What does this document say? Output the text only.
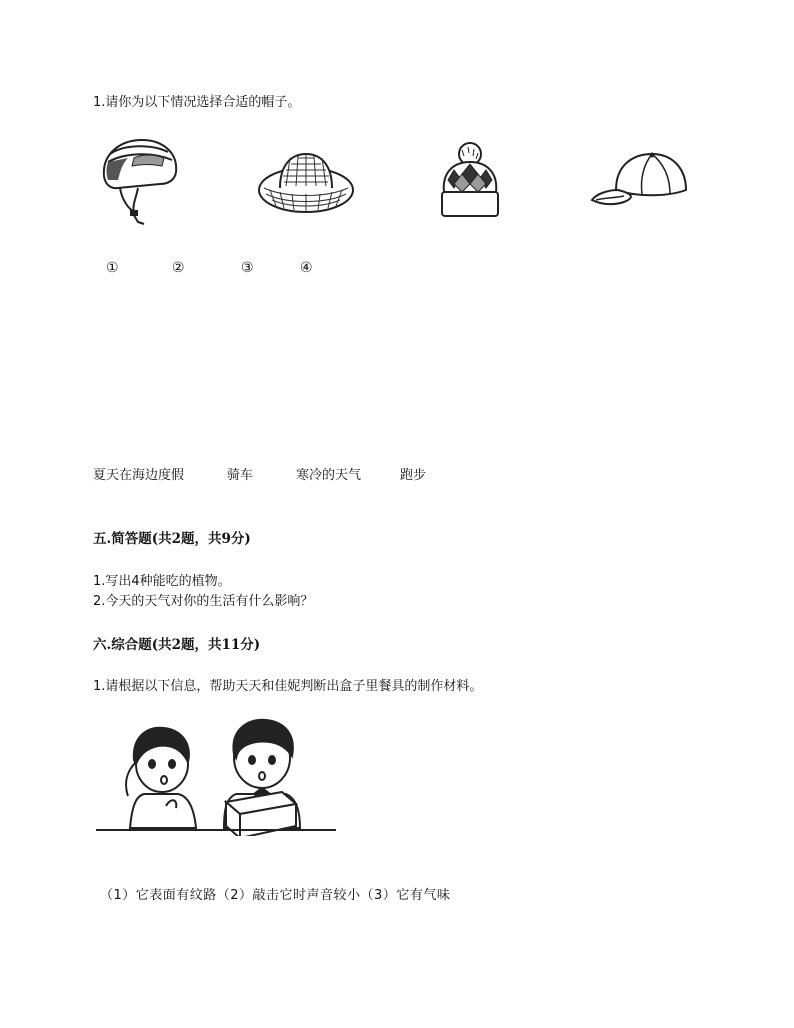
1.请你为以下情况选择合适的帽子。
①	②	③	④
夏天在海边度假	骑车	寒冷的天气	跑步
五.简答题(共2题，共9分)
1.写出4种能吃的植物。
2.今天的天气对你的生活有什么影响？
六.综合题(共2题，共11分)
1.请根据以下信息，帮助天天和佳妮判断出盒子里餐具的制作材料。
（1）它表面有纹路（2）敲击它时声音较小（3）它有气味
